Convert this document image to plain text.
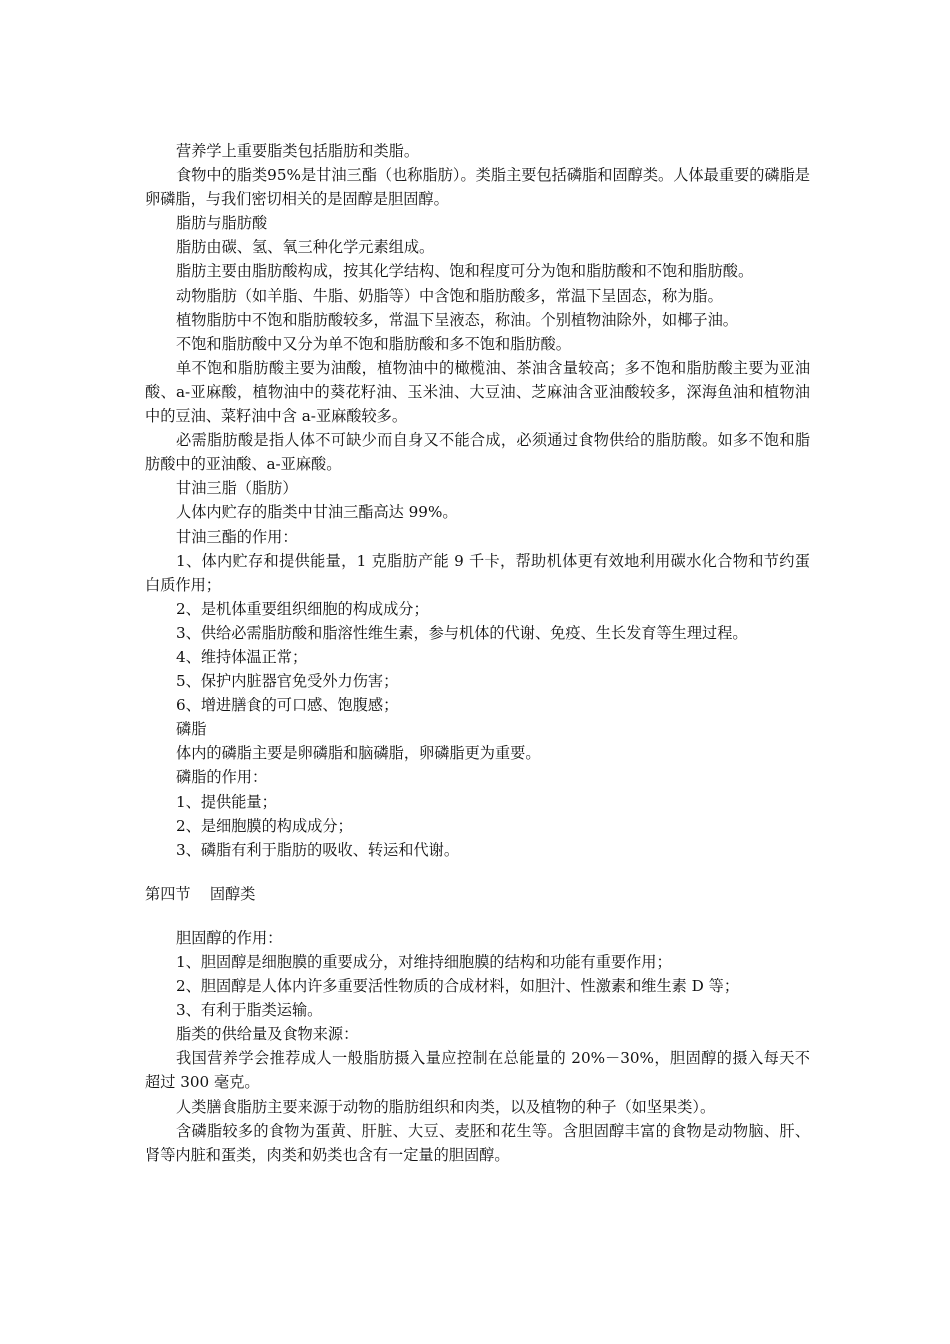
营养学上重要脂类包括脂肪和类脂。

食物中的脂类95%是甘油三酯（也称脂肪）。类脂主要包括磷脂和固醇类。人体最重要的磷脂是卵磷脂，与我们密切相关的是固醇是胆固醇。

脂肪与脂肪酸

脂肪由碳、氢、氧三种化学元素组成。

脂肪主要由脂肪酸构成，按其化学结构、饱和程度可分为饱和脂肪酸和不饱和脂肪酸。

动物脂肪（如羊脂、牛脂、奶脂等）中含饱和脂肪酸多，常温下呈固态，称为脂。

植物脂肪中不饱和脂肪酸较多，常温下呈液态，称油。个别植物油除外，如椰子油。

不饱和脂肪酸中又分为单不饱和脂肪酸和多不饱和脂肪酸。

单不饱和脂肪酸主要为油酸，植物油中的橄榄油、茶油含量较高；多不饱和脂肪酸主要为亚油酸、a-亚麻酸，植物油中的葵花籽油、玉米油、大豆油、芝麻油含亚油酸较多，深海鱼油和植物油中的豆油、菜籽油中含 a-亚麻酸较多。

必需脂肪酸是指人体不可缺少而自身又不能合成，必须通过食物供给的脂肪酸。如多不饱和脂肪酸中的亚油酸、a-亚麻酸。

甘油三脂（脂肪）

人体内贮存的脂类中甘油三酯高达 99%。

甘油三酯的作用：

1、体内贮存和提供能量，1 克脂肪产能 9 千卡，帮助机体更有效地利用碳水化合物和节约蛋白质作用；

2、是机体重要组织细胞的构成成分；

3、供给必需脂肪酸和脂溶性维生素，参与机体的代谢、免疫、生长发育等生理过程。

4、维持体温正常；

5、保护内脏器官免受外力伤害；

6、增进膳食的可口感、饱腹感；

磷脂

体内的磷脂主要是卵磷脂和脑磷脂，卵磷脂更为重要。

磷脂的作用：

1、提供能量；

2、是细胞膜的构成成分；

3、磷脂有利于脂肪的吸收、转运和代谢。

第四节    固醇类

胆固醇的作用：

1、胆固醇是细胞膜的重要成分，对维持细胞膜的结构和功能有重要作用；

2、胆固醇是人体内许多重要活性物质的合成材料，如胆汁、性激素和维生素 D 等；

3、有利于脂类运输。

脂类的供给量及食物来源：

我国营养学会推荐成人一般脂肪摄入量应控制在总能量的 20%－30%，胆固醇的摄入每天不超过 300 毫克。

人类膳食脂肪主要来源于动物的脂肪组织和肉类，以及植物的种子（如坚果类）。

含磷脂较多的食物为蛋黄、肝脏、大豆、麦胚和花生等。含胆固醇丰富的食物是动物脑、肝、肾等内脏和蛋类，肉类和奶类也含有一定量的胆固醇。
